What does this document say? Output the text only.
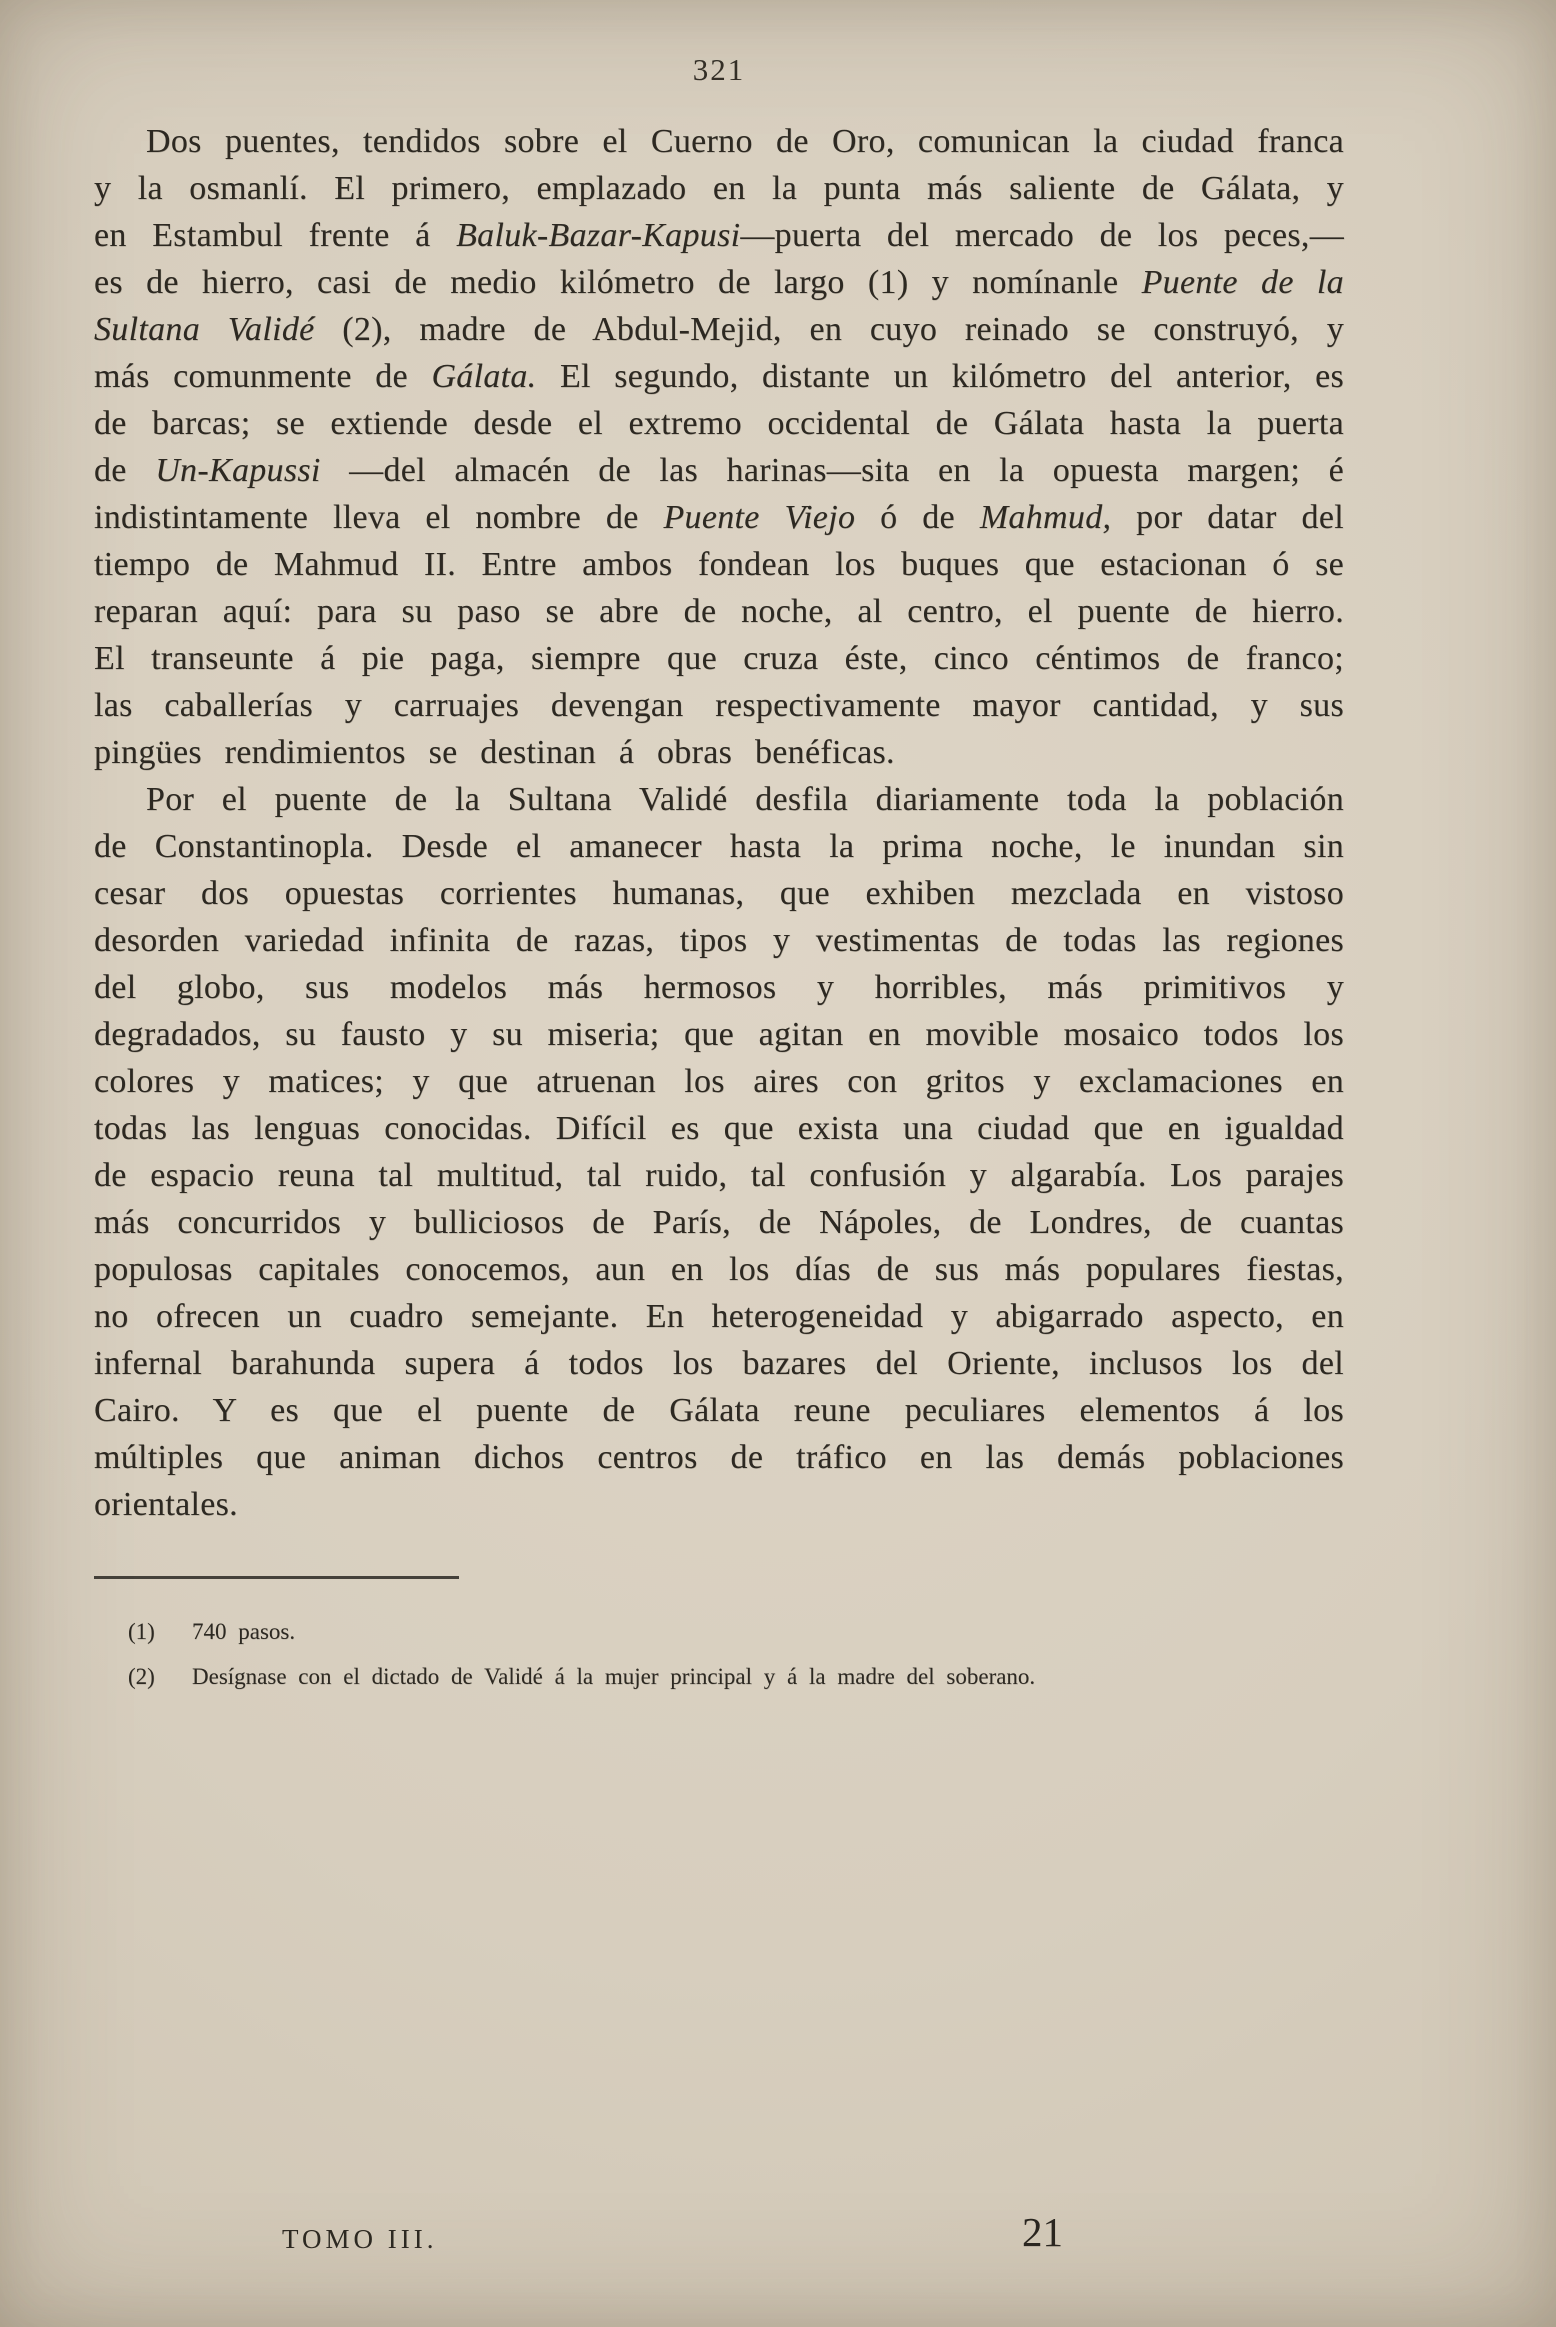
321

Dos puentes, tendidos sobre el Cuerno de Oro, comunican la ciudad franca y la osmanlí. El primero, emplazado en la punta más saliente de Gálata, y en Estambul frente á Baluk-Bazar-Kapusi—puerta del mercado de los peces,—es de hierro, casi de medio kilómetro de largo (1) y nomínanle Puente de la Sultana Validé (2), madre de Abdul-Mejid, en cuyo reinado se construyó, y más comunmente de Gálata. El segundo, distante un kilómetro del anterior, es de barcas; se extiende desde el extremo occidental de Gálata hasta la puerta de Un-Kapussi —del almacén de las harinas—sita en la opuesta margen; é indistintamente lleva el nombre de Puente Viejo ó de Mahmud, por datar del tiempo de Mahmud II. Entre ambos fondean los buques que estacionan ó se reparan aquí: para su paso se abre de noche, al centro, el puente de hierro. El transeunte á pie paga, siempre que cruza éste, cinco céntimos de franco; las caballerías y carruajes devengan respectivamente mayor cantidad, y sus pingües rendimientos se destinan á obras benéficas.

Por el puente de la Sultana Validé desfila diariamente toda la población de Constantinopla. Desde el amanecer hasta la prima noche, le inundan sin cesar dos opuestas corrientes humanas, que exhiben mezclada en vistoso desorden variedad infinita de razas, tipos y vestimentas de todas las regiones del globo, sus modelos más hermosos y horribles, más primitivos y degradados, su fausto y su miseria; que agitan en movible mosaico todos los colores y matices; y que atruenan los aires con gritos y exclamaciones en todas las lenguas conocidas. Difícil es que exista una ciudad que en igualdad de espacio reuna tal multitud, tal ruido, tal confusión y algarabía. Los parajes más concurridos y bulliciosos de París, de Nápoles, de Londres, de cuantas populosas capitales conocemos, aun en los días de sus más populares fiestas, no ofrecen un cuadro semejante. En heterogeneidad y abigarrado aspecto, en infernal barahunda supera á todos los bazares del Oriente, inclusos los del Cairo. Y es que el puente de Gálata reune peculiares elementos á los múltiples que animan dichos centros de tráfico en las demás poblaciones orientales.

(1) 740 pasos.
(2) Desígnase con el dictado de Validé á la mujer principal y á la madre del soberano.
TOMO III.	21
